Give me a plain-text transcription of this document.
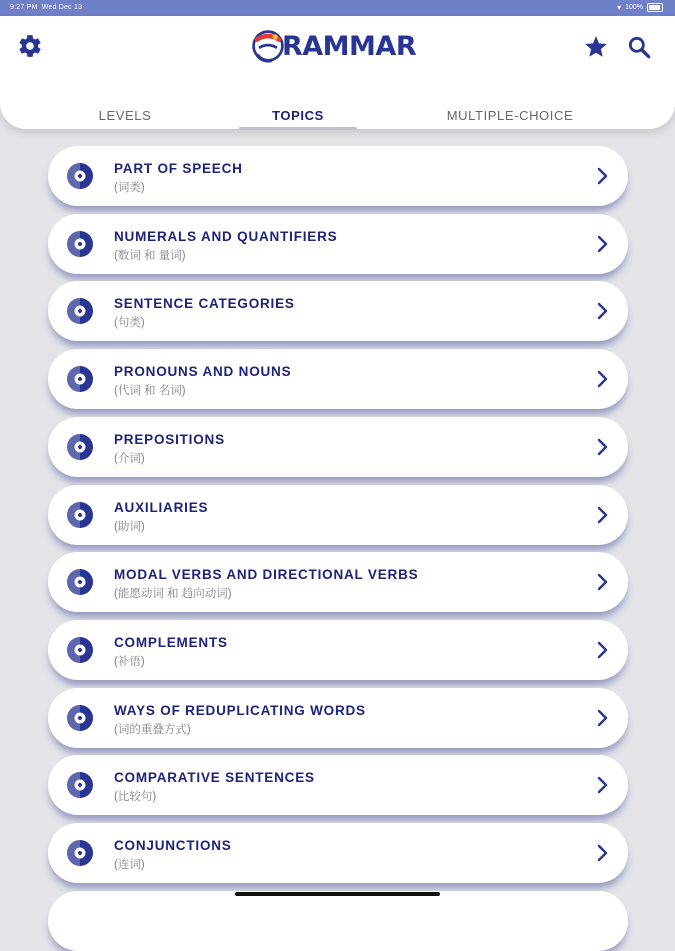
9:27 PM Wed Dec 13	▾ 100%
PART OF SPEECH
(词类)
NUMERALS AND QUANTIFIERS
(数词 和 量词)
SENTENCE CATEGORIES
(句类)
PRONOUNS AND NOUNS
(代词 和 名词)
PREPOSITIONS
(介词)
AUXILIARIES
(助词)
MODAL VERBS AND DIRECTIONAL VERBS
(能愿动词 和 趋向动词)
COMPLEMENTS
(补语)
WAYS OF REDUPLICATING WORDS
(词的重叠方式)
COMPARATIVE SENTENCES
(比较句)
CONJUNCTIONS
(连词)
RAMMAR
LEVELS	TOPICS	MULTIPLE-CHOICE
